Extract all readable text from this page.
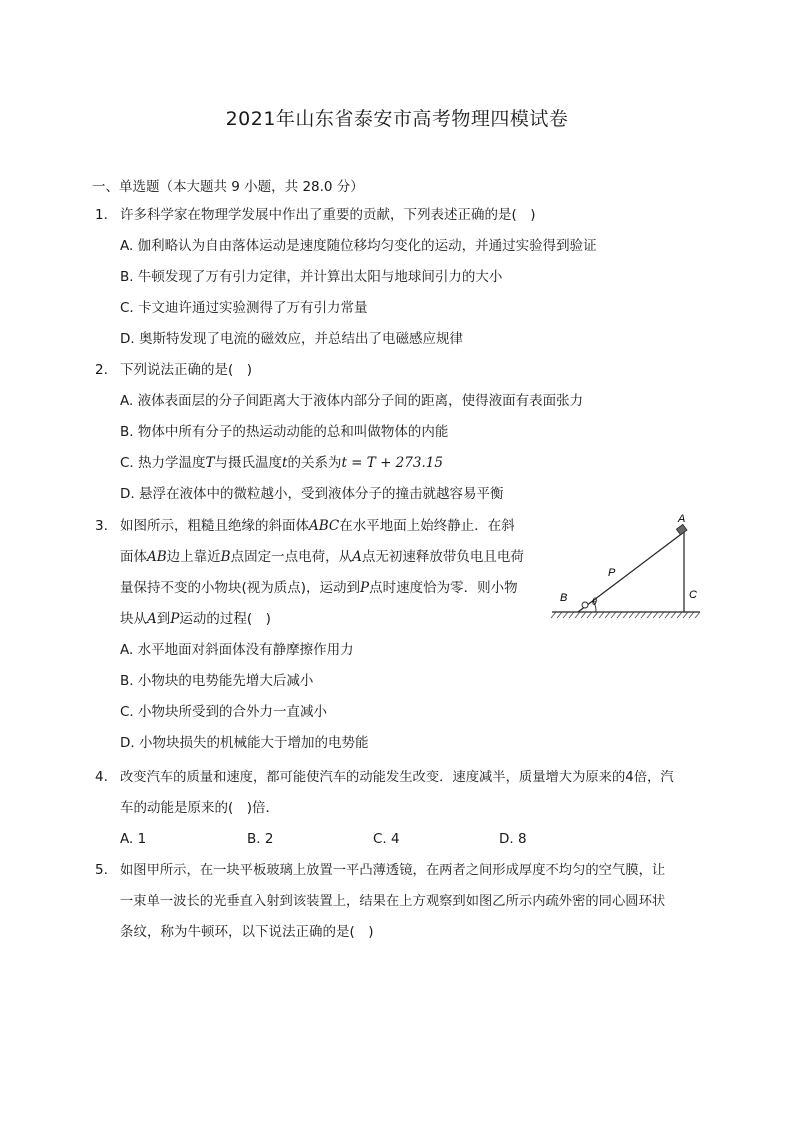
2021年山东省泰安市高考物理四模试卷
一、单选题（本大题共 9 小题，共 28.0 分）
1. 许多科学家在物理学发展中作出了重要的贡献，下列表述正确的是(　)
A. 伽利略认为自由落体运动是速度随位移均匀变化的运动，并通过实验得到验证
B. 牛顿发现了万有引力定律，并计算出太阳与地球间引力的大小
C. 卡文迪许通过实验测得了万有引力常量
D. 奥斯特发现了电流的磁效应，并总结出了电磁感应规律
2. 下列说法正确的是(　)
A. 液体表面层的分子间距离大于液体内部分子间的距离，使得液面有表面张力
B. 物体中所有分子的热运动动能的总和叫做物体的内能
C. 热力学温度T与摄氏温度t的关系为t = T + 273.15
D. 悬浮在液体中的微粒越小，受到液体分子的撞击就越容易平衡
3. 如图所示，粗糙且绝缘的斜面体ABC在水平地面上始终静止．在斜
面体AB边上靠近B点固定一点电荷，从A点无初速释放带负电且电荷
量保持不变的小物块(视为质点)，运动到P点时速度恰为零．则小物
块从A到P运动的过程(　)
A
B	C
P
θ
A. 水平地面对斜面体没有静摩擦作用力
B. 小物块的电势能先增大后减小
C. 小物块所受到的合外力一直减小
D. 小物块损失的机械能大于增加的电势能
4. 改变汽车的质量和速度，都可能使汽车的动能发生改变．速度减半，质量增大为原来的4倍，汽
车的动能是原来的(　)倍．
A. 1	B. 2	C. 4	D. 8
5. 如图甲所示，在一块平板玻璃上放置一平凸薄透镜，在两者之间形成厚度不均匀的空气膜，让
一束单一波长的光垂直入射到该装置上，结果在上方观察到如图乙所示内疏外密的同心圆环状
条纹，称为牛顿环，以下说法正确的是(　)
